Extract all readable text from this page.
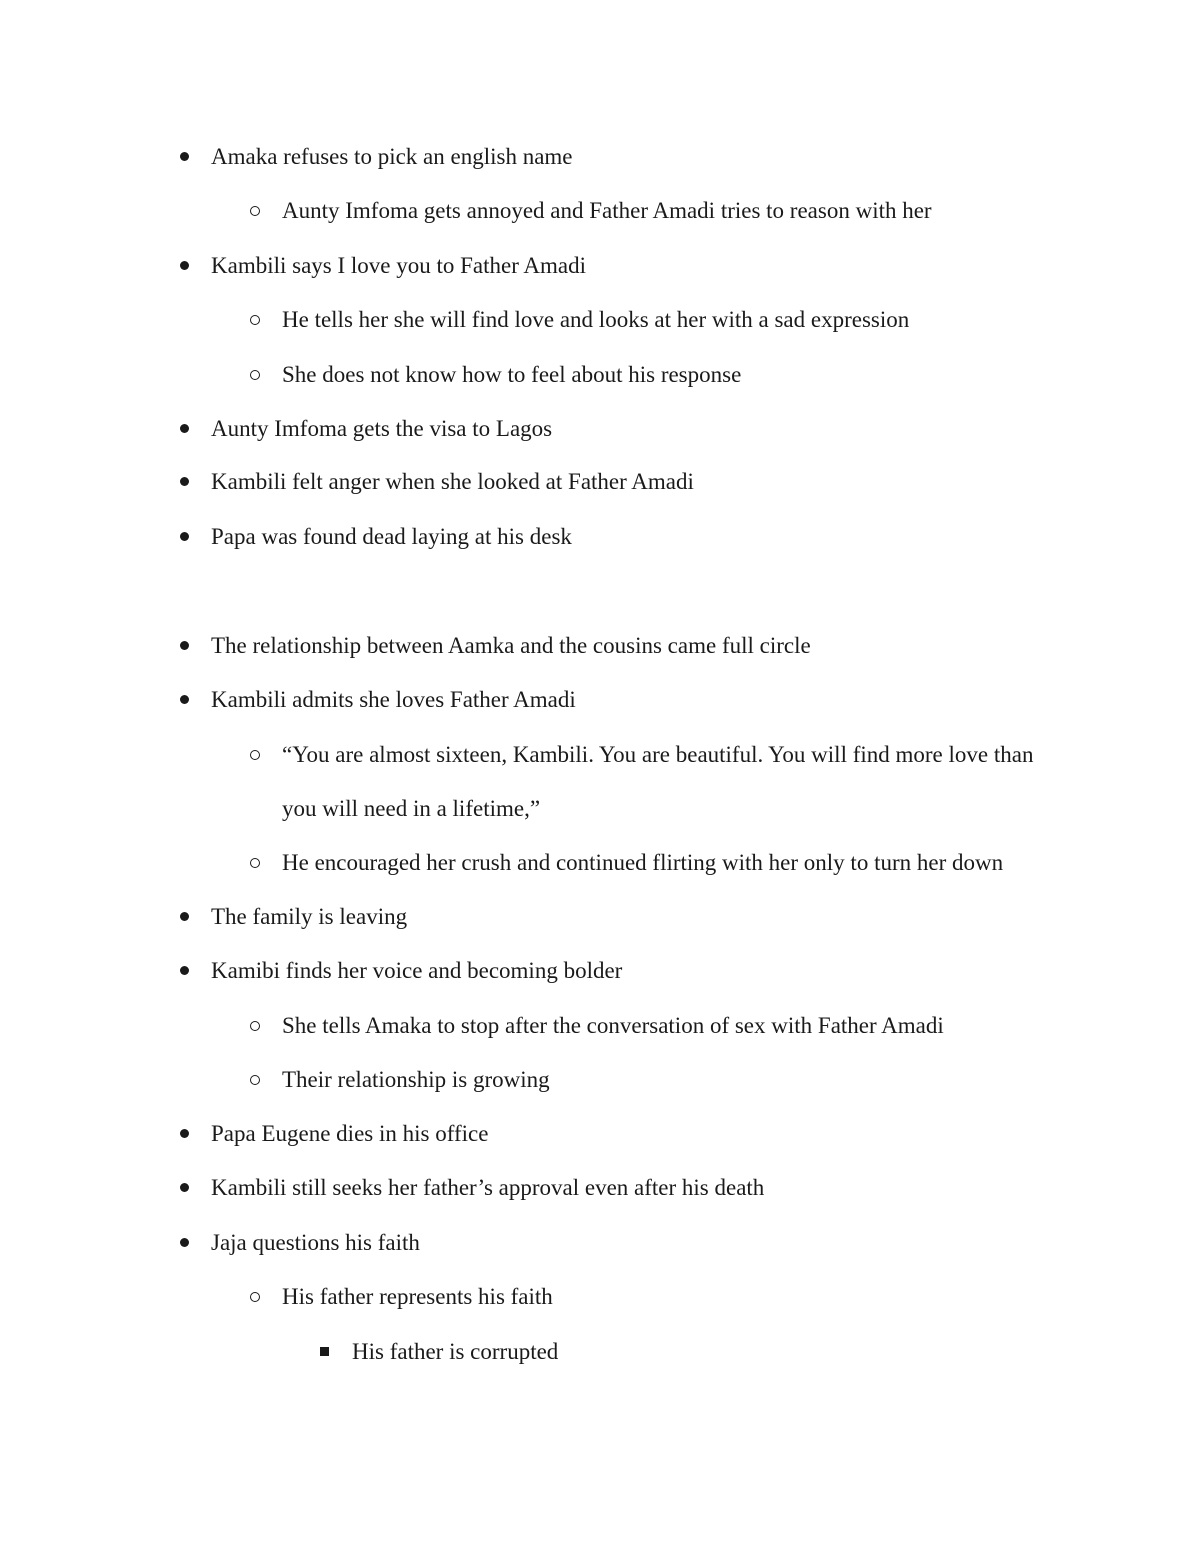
Amaka refuses to pick an english name
Aunty Imfoma gets annoyed and Father Amadi tries to reason with her
Kambili says I love you to Father Amadi
He tells her she will find love and looks at her with a sad expression
She does not know how to feel about his response
Aunty Imfoma gets the visa to Lagos
Kambili felt anger when she looked at Father Amadi
Papa was found dead laying at his desk
The relationship between Aamka and the cousins came full circle
Kambili admits she loves Father Amadi
“You are almost sixteen, Kambili. You are beautiful. You will find more love than
you will need in a lifetime,”
He encouraged her crush and continued flirting with her only to turn her down
The family is leaving
Kamibi finds her voice and becoming bolder
She tells Amaka to stop after the conversation of sex with Father Amadi
Their relationship is growing
Papa Eugene dies in his office
Kambili still seeks her father’s approval even after his death
Jaja questions his faith
His father represents his faith
His father is corrupted
